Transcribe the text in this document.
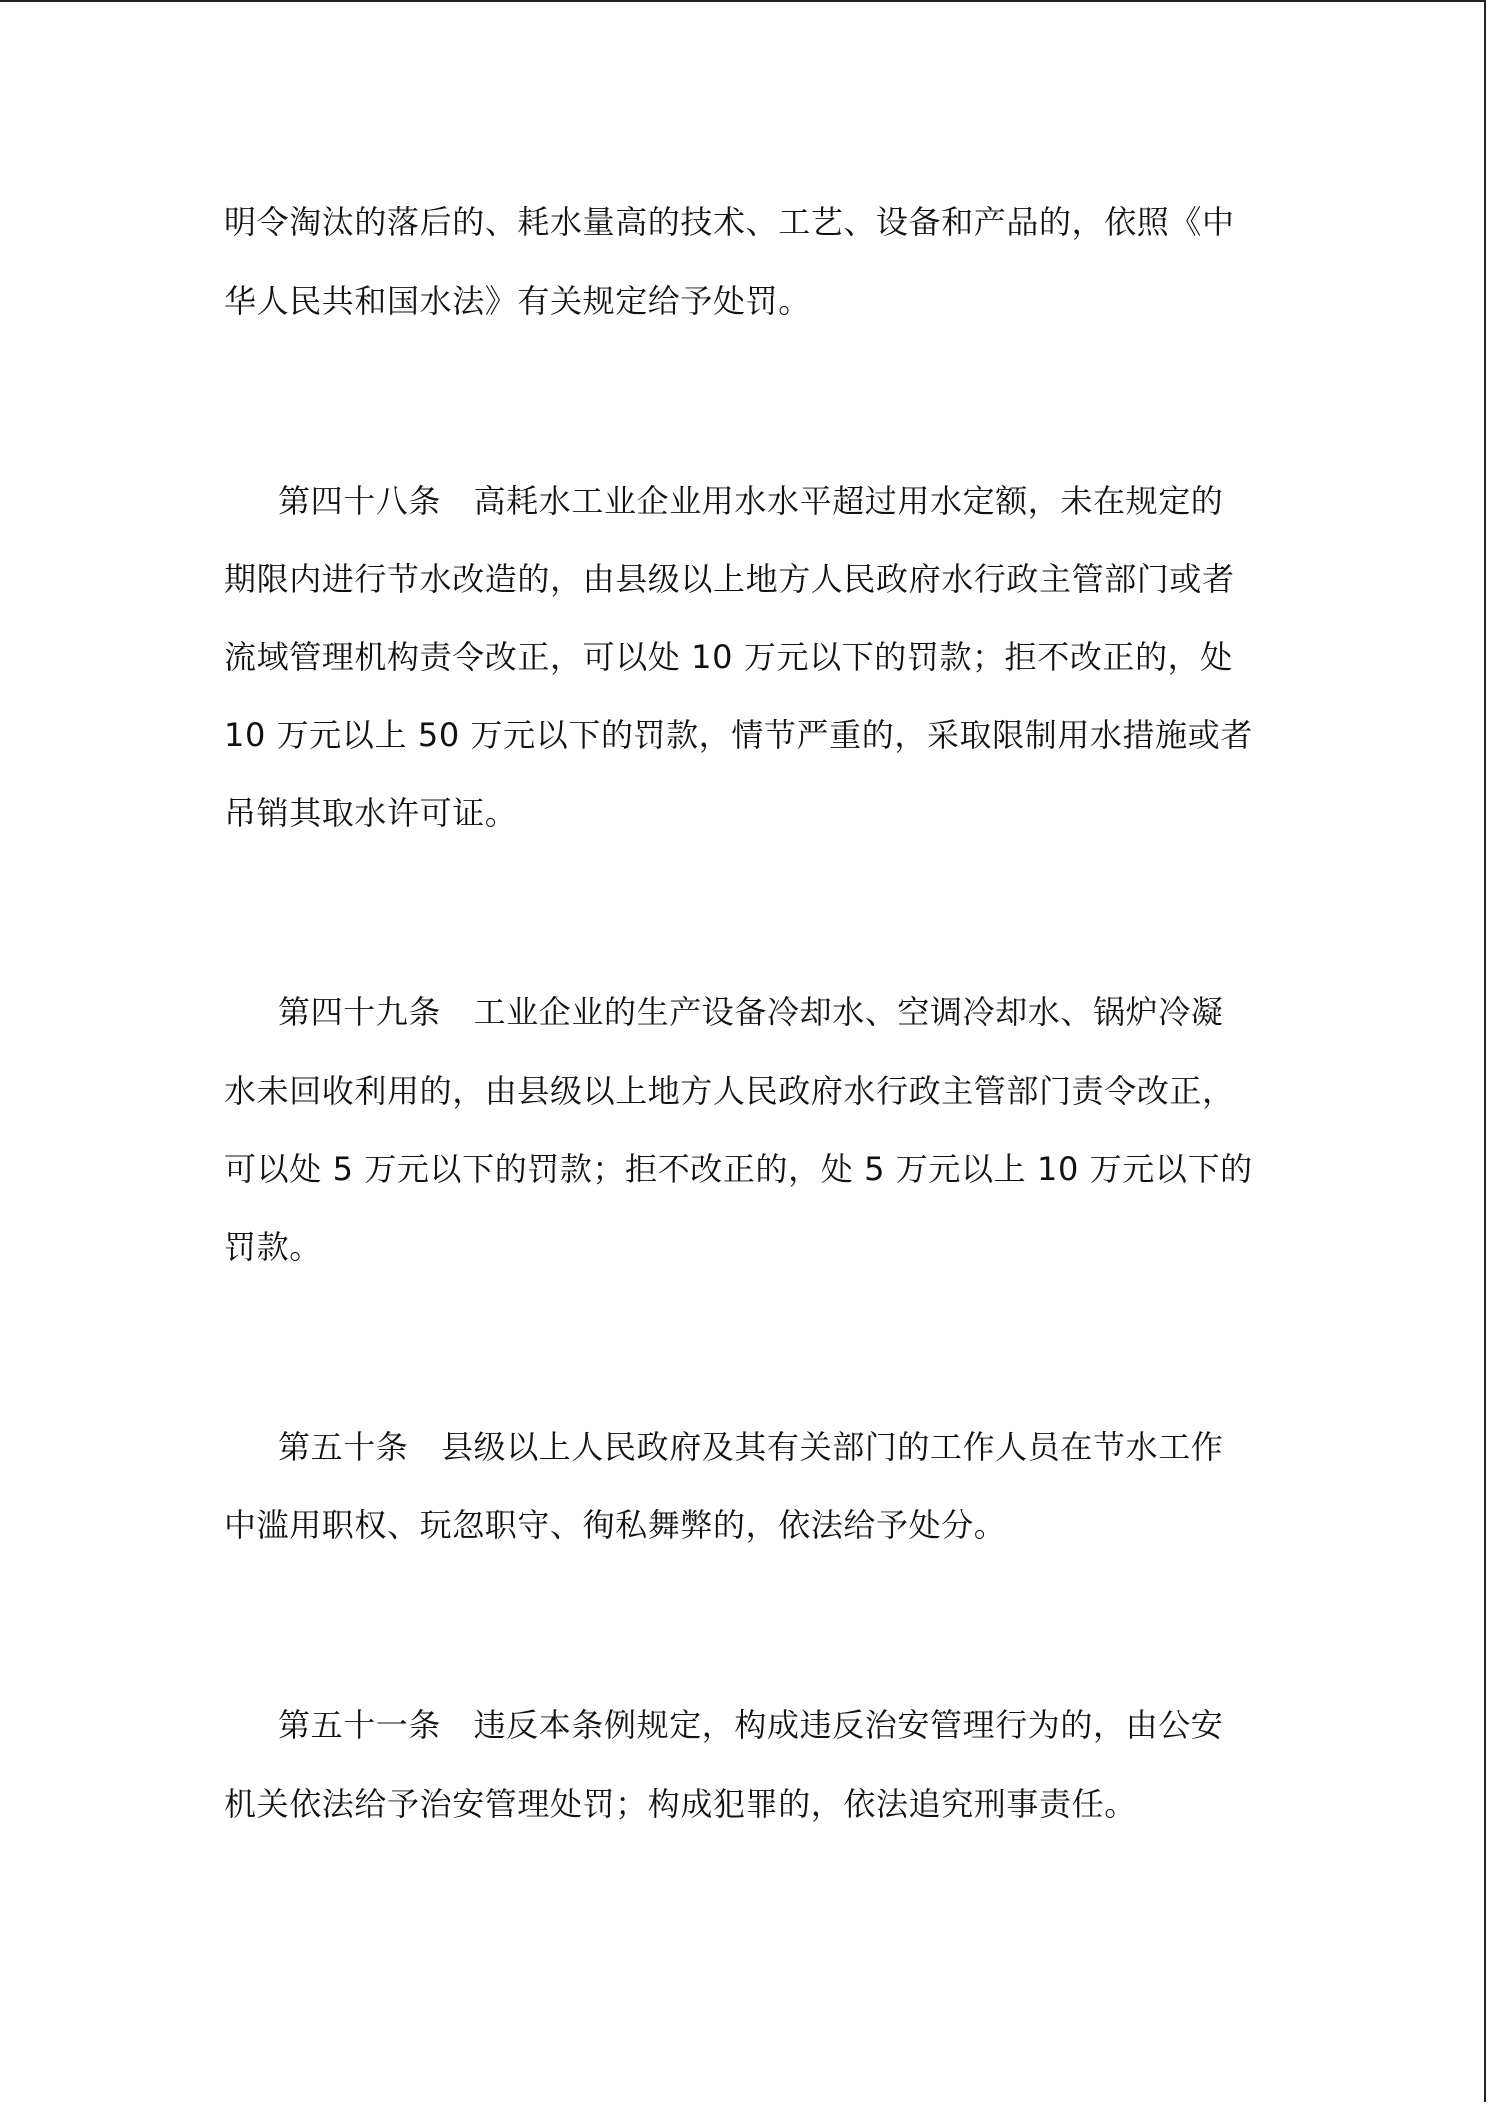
明令淘汰的落后的、耗水量高的技术、工艺、设备和产品的，依照《中

华人民共和国水法》有关规定给予处罚。

第四十八条　高耗水工业企业用水水平超过用水定额，未在规定的

期限内进行节水改造的，由县级以上地方人民政府水行政主管部门或者

流域管理机构责令改正，可以处 10 万元以下的罚款；拒不改正的，处

10 万元以上 50 万元以下的罚款，情节严重的，采取限制用水措施或者

吊销其取水许可证。

第四十九条　工业企业的生产设备冷却水、空调冷却水、锅炉冷凝

水未回收利用的，由县级以上地方人民政府水行政主管部门责令改正，

可以处 5 万元以下的罚款；拒不改正的，处 5 万元以上 10 万元以下的

罚款。

第五十条　县级以上人民政府及其有关部门的工作人员在节水工作

中滥用职权、玩忽职守、徇私舞弊的，依法给予处分。

第五十一条　违反本条例规定，构成违反治安管理行为的，由公安

机关依法给予治安管理处罚；构成犯罪的，依法追究刑事责任。
